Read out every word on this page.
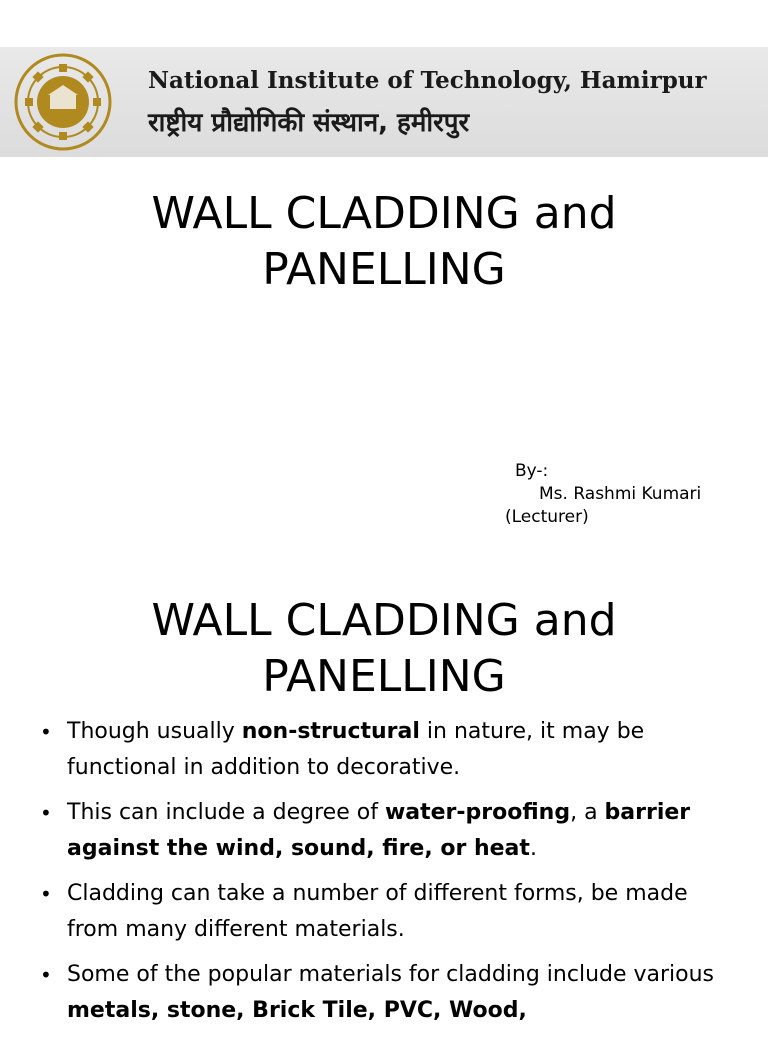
National Institute of Technology, Hamirpur
राष्ट्रीय प्रौद्योगिकी संस्थान, हमीरपुर
WALL CLADDING and
PANELLING
By-:
Ms. Rashmi Kumari
(Lecturer)
WALL CLADDING and
PANELLING
• Though usually non-structural in nature, it may be functional in addition to decorative.
• This can include a degree of water-proofing, a barrier against the wind, sound, fire, or heat.
• Cladding can take a number of different forms, be made from many different materials.
• Some of the popular materials for cladding include various metals, stone, Brick Tile, PVC, Wood,
